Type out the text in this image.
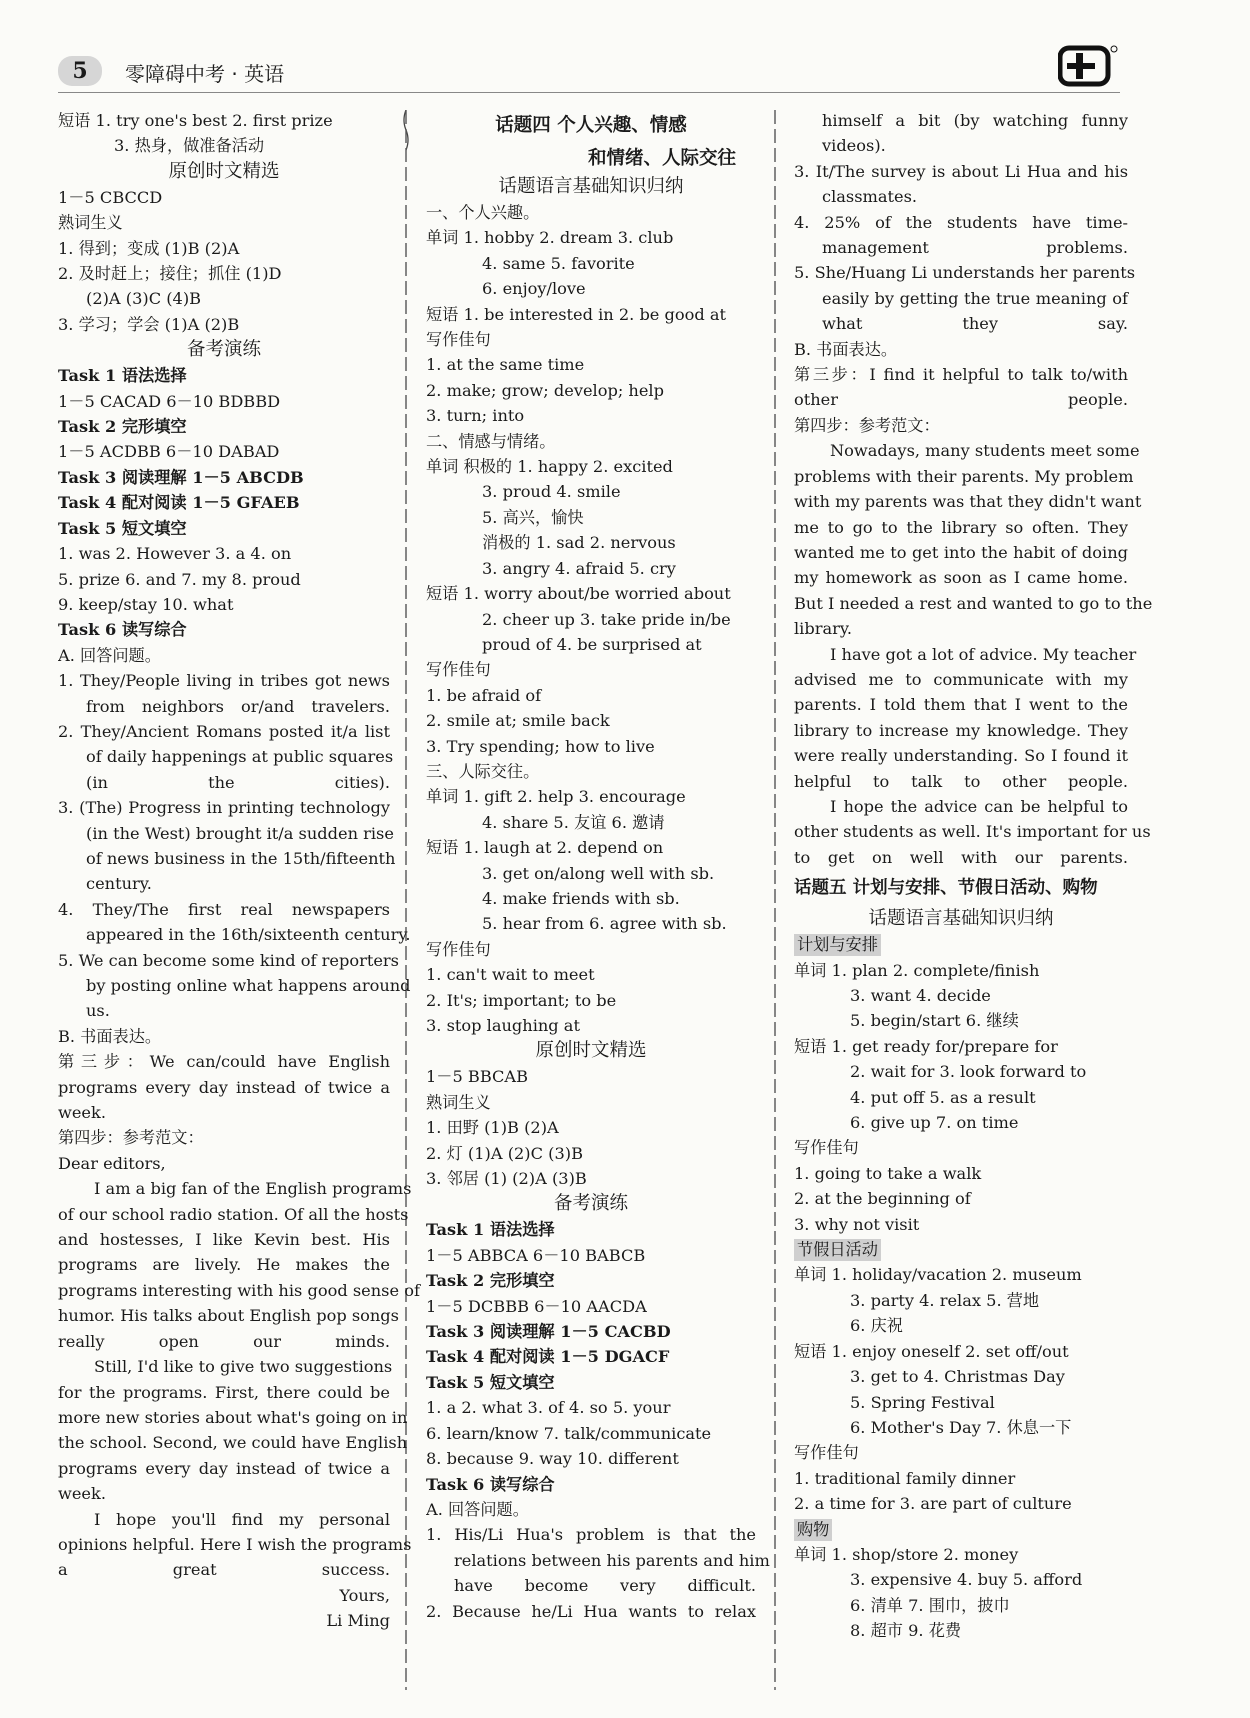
5	零障碍中考 · 英语
短语 1. try one's best 2. first prize
3. 热身，做准备活动
原创时文精选
1－5 CBCCD
熟词生义
1. 得到；变成 (1)B (2)A
2. 及时赶上；接住；抓住 (1)D
(2)A (3)C (4)B
3. 学习；学会 (1)A (2)B
备考演练
Task 1 语法选择
1－5 CACAD 6－10 BDBBD
Task 2 完形填空
1－5 ACDBB 6－10 DABAD
Task 3 阅读理解 1－5 ABCDB
Task 4 配对阅读 1－5 GFAEB
Task 5 短文填空
1. was 2. However 3. a 4. on
5. prize 6. and 7. my 8. proud
9. keep/stay 10. what
Task 6 读写综合
A. 回答问题。
1. They/People living in tribes got news
from neighbors or/and travelers.
2. They/Ancient Romans posted it/a list
of daily happenings at public squares
(in the cities).
3. (The) Progress in printing technology
(in the West) brought it/a sudden rise
of news business in the 15th/fifteenth
century.
4. They/The first real newspapers
appeared in the 16th/sixteenth century.
5. We can become some kind of reporters
by posting online what happens around
us.
B. 书面表达。
第三步：We can/could have English
programs every day instead of twice a
week.
第四步：参考范文：
Dear editors,
I am a big fan of the English programs
of our school radio station. Of all the hosts
and hostesses, I like Kevin best. His
programs are lively. He makes the
programs interesting with his good sense of
humor. His talks about English pop songs
really open our minds.
Still, I'd like to give two suggestions
for the programs. First, there could be
more new stories about what's going on in
the school. Second, we could have English
programs every day instead of twice a
week.
I hope you'll find my personal
opinions helpful. Here I wish the programs
a great success.
Yours,
Li Ming
话题四 个人兴趣、情感
和情绪、人际交往
话题语言基础知识归纳
一、个人兴趣。
单词 1. hobby 2. dream 3. club
4. same 5. favorite
6. enjoy/love
短语 1. be interested in 2. be good at
写作佳句
1. at the same time
2. make; grow; develop; help
3. turn; into
二、情感与情绪。
单词 积极的 1. happy 2. excited
3. proud 4. smile
5. 高兴，愉快
消极的 1. sad 2. nervous
3. angry 4. afraid 5. cry
短语 1. worry about/be worried about
2. cheer up 3. take pride in/be
proud of 4. be surprised at
写作佳句
1. be afraid of
2. smile at; smile back
3. Try spending; how to live
三、人际交往。
单词 1. gift 2. help 3. encourage
4. share 5. 友谊 6. 邀请
短语 1. laugh at 2. depend on
3. get on/along well with sb.
4. make friends with sb.
5. hear from 6. agree with sb.
写作佳句
1. can't wait to meet
2. It's; important; to be
3. stop laughing at
原创时文精选
1－5 BBCAB
熟词生义
1. 田野 (1)B (2)A
2. 灯 (1)A (2)C (3)B
3. 邻居 (1) (2)A (3)B
备考演练
Task 1 语法选择
1－5 ABBCA 6－10 BABCB
Task 2 完形填空
1－5 DCBBB 6－10 AACDA
Task 3 阅读理解 1－5 CACBD
Task 4 配对阅读 1－5 DGACF
Task 5 短文填空
1. a 2. what 3. of 4. so 5. your
6. learn/know 7. talk/communicate
8. because 9. way 10. different
Task 6 读写综合
A. 回答问题。
1. His/Li Hua's problem is that the
relations between his parents and him
have become very difficult.
2. Because he/Li Hua wants to relax
himself a bit (by watching funny
videos).
3. It/The survey is about Li Hua and his
classmates.
4. 25% of the students have time-
management problems.
5. She/Huang Li understands her parents
easily by getting the true meaning of
what they say.
B. 书面表达。
第三步：I find it helpful to talk to/with
other people.
第四步：参考范文：
Nowadays, many students meet some
problems with their parents. My problem
with my parents was that they didn't want
me to go to the library so often. They
wanted me to get into the habit of doing
my homework as soon as I came home.
But I needed a rest and wanted to go to the
library.
I have got a lot of advice. My teacher
advised me to communicate with my
parents. I told them that I went to the
library to increase my knowledge. They
were really understanding. So I found it
helpful to talk to other people.
I hope the advice can be helpful to
other students as well. It's important for us
to get on well with our parents.
话题五 计划与安排、节假日活动、购物
话题语言基础知识归纳
计划与安排
单词 1. plan 2. complete/finish
3. want 4. decide
5. begin/start 6. 继续
短语 1. get ready for/prepare for
2. wait for 3. look forward to
4. put off 5. as a result
6. give up 7. on time
写作佳句
1. going to take a walk
2. at the beginning of
3. why not visit
节假日活动
单词 1. holiday/vacation 2. museum
3. party 4. relax 5. 营地
6. 庆祝
短语 1. enjoy oneself 2. set off/out
3. get to 4. Christmas Day
5. Spring Festival
6. Mother's Day 7. 休息一下
写作佳句
1. traditional family dinner
2. a time for 3. are part of culture
购物
单词 1. shop/store 2. money
3. expensive 4. buy 5. afford
6. 清单 7. 围巾，披巾
8. 超市 9. 花费
